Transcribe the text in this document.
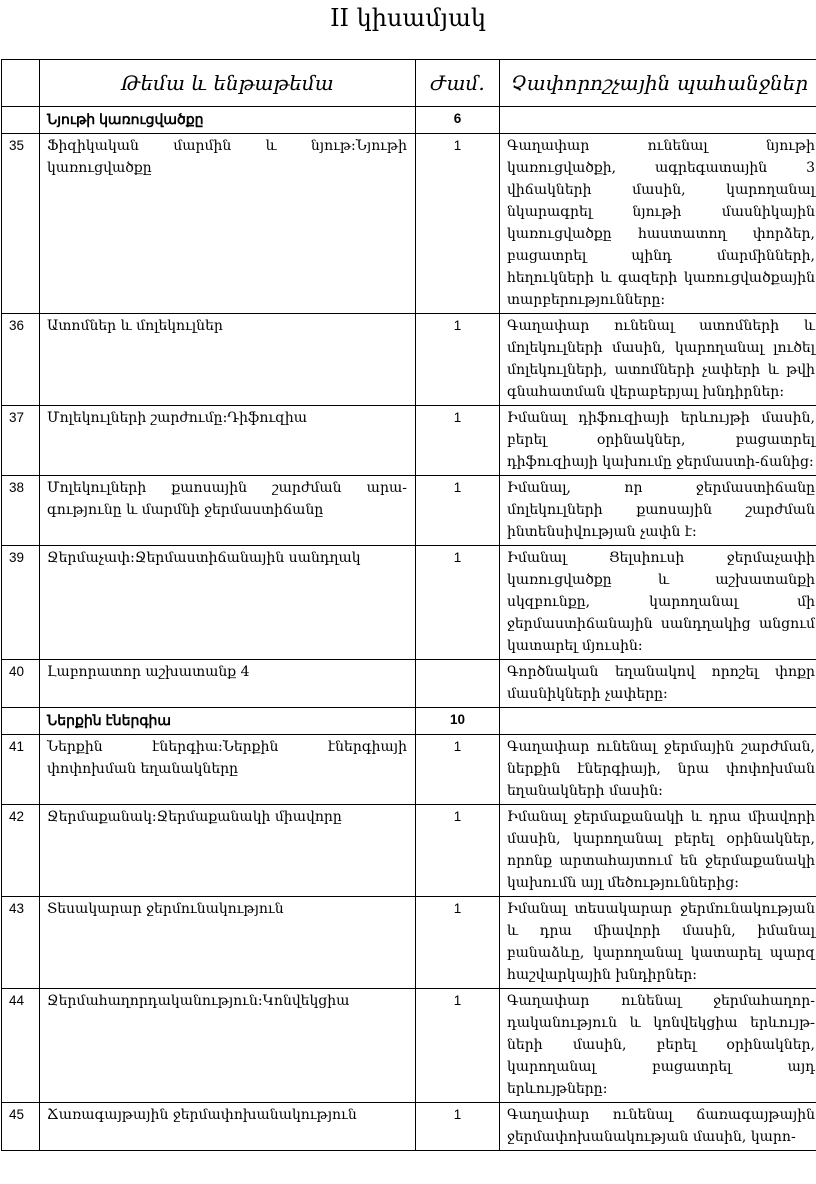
II կիսամյակ
	Թեմա և ենթաթեմա	Ժամ.	Չափորոշչային պահանջներ
	Նյութի կառուցվածքը	6	
35	Ֆիզիկական մարմին և նյութ:Նյութի կառուցվածքը	1	Գաղափար ունենալ նյութի կառուցվածքի, ագրեգատային 3 վիճակների մասին, կարողանալ նկարագրել նյութի մասնիկային կառուցվածքը հաստատող փորձեր, բացատրել պինդ մարմինների, հեղուկների և գազերի կառուցվածքային տարբերությունները:
36	Ատոմներ և մոլեկուլներ	1	Գաղափար ունենալ ատոմների և մոլեկուլների մասին, կարողանալ լուծել մոլեկուլների, ատոմների չափերի և թվի գնահատման վերաբերյալ խնդիրներ:
37	Մոլեկուլների շարժումը:Դիֆուզիա	1	Իմանալ դիֆուզիայի երևույթի մասին, բերել օրինակներ, բացատրել դիֆուզիայի կախումը ջերմաստի-ճանից:
38	Մոլեկուլների քաոսային շարժման արա-գությունը և մարմնի ջերմաստիճանը	1	Իմանալ, որ ջերմաստիճանը մոլեկուլների քաոսային շարժման ինտենսիվության չափն է:
39	Ջերմաչափ:Ջերմաստիճանային սանդղակ	1	Իմանալ Ցելսիուսի ջերմաչափի կառուցվածքը և աշխատանքի սկզբունքը, կարողանալ մի ջերմաստիճանային սանդղակից անցում կատարել մյուսին:
40	Լաբորատոր աշխատանք 4		Գործնական եղանակով որոշել փոքր մասնիկների չափերը:
	Ներքին էներգիա	10	
41	Ներքին էներգիա:Ներքին էներգիայի փոփոխման եղանակները	1	Գաղափար ունենալ ջերմային շարժման, ներքին էներգիայի, նրա փոփոխման եղանակների մասին:
42	Ջերմաքանակ:Ջերմաքանակի միավորը	1	Իմանալ ջերմաքանակի և դրա միավորի մասին, կարողանալ բերել օրինակներ, որոնք արտահայտում են ջերմաքանակի կախումն այլ մեծություններից:
43	Տեսակարար ջերմունակություն	1	Իմանալ տեսակարար ջերմունակության և դրա միավորի մասին, իմանալ բանաձևը, կարողանալ կատարել պարզ հաշվարկային խնդիրներ:
44	Ջերմահաղորդականություն:Կոնվեկցիա	1	Գաղափար ունենալ ջերմահաղոր-դականություն և կոնվեկցիա երևույթ-ների մասին, բերել օրինակներ, կարողանալ բացատրել այդ երևույթները:
45	Ճառագայթային ջերմափոխանակություն	1	Գաղափար ունենալ ճառագայթային ջերմափոխանակության մասին, կարո-
